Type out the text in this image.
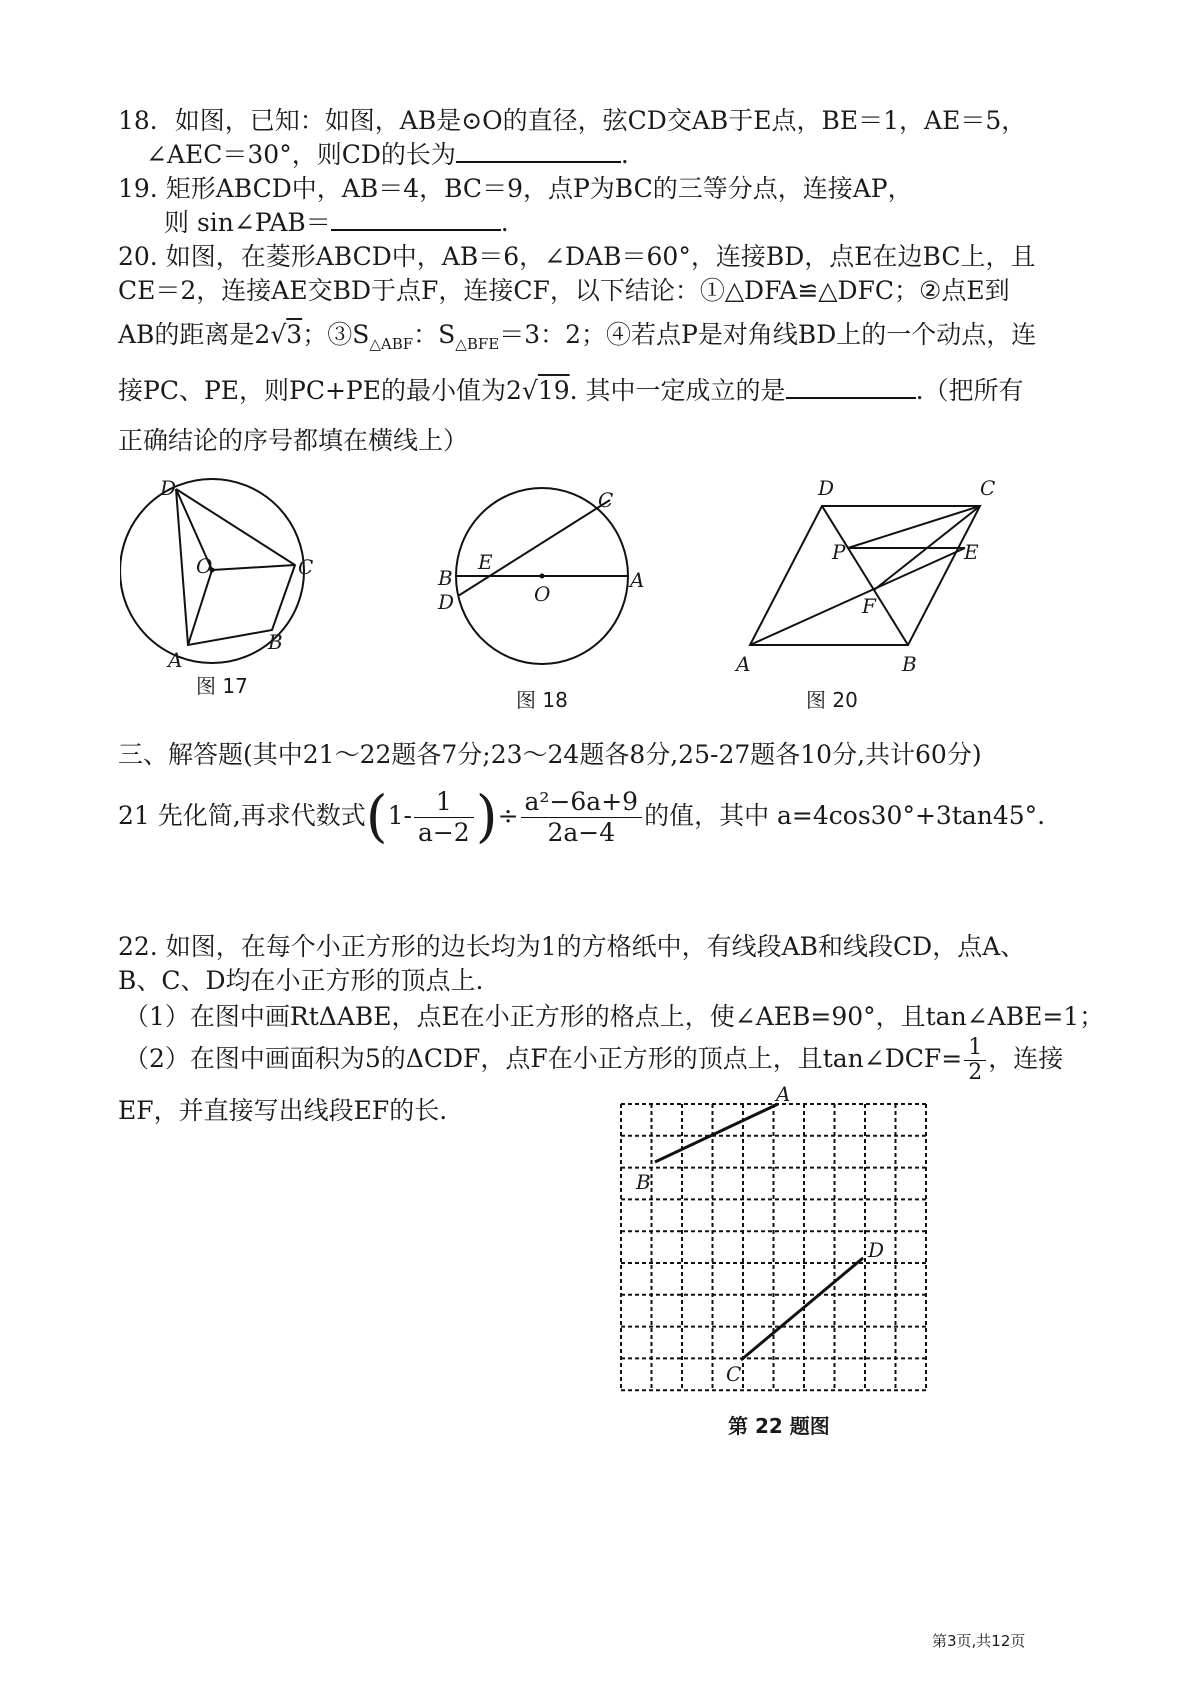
18．如图，已知：如图，AB是⊙O的直径，弦CD交AB于E点，BE＝1，AE＝5，
∠AEC＝30°，则CD的长为	.
19. 矩形ABCD中，AB＝4，BC＝9，点P为BC的三等分点，连接AP，
则 sin∠PAB＝	.
20. 如图，在菱形ABCD中，AB＝6，∠DAB＝60°，连接BD，点E在边BC上，且
CE＝2，连接AE交BD于点F，连接CF，以下结论：①△DFA≌△DFC；②点E到
AB的距离是2√3；$③S_{\triangle ABF}$：$S_{\triangle BFE}=3$：2；④若点P是对角线BD上的一个动点，连
接PC、PE，则PC+PE的最小值为2√19. 其中一定成立的是	.（把所有
正确结论的序号都填在横线上）
D
O	C
A
B
图 17
C
E
B
D	O
A
图 18
D	C
P	E
F
A	B
图 20
三、解答题(其中21～22题各7分;23～24题各8分,25-27题各10分,共计60分)
21 先化简,再求代数式($1- \frac{1}{a-2}$ )÷ $\frac{\text{a²−6a+9}}{2a-4}$ 的值，其中 a=4cos30°+3tan45°.
22. 如图，在每个小正方形的边长均为1的方格纸中，有线段AB和线段CD，点A、
B、C、D均在小正方形的顶点上.
（1）在图中画RtΔABE，点E在小正方形的格点上，使∠AEB=90°，且tan∠ABE=1；
（2）在图中画面积为5的ΔCDF，点F在小正方形的顶点上，且tan∠DCF= $\frac{1}{2}$ ，连接
EF，并直接写出线段EF的长.
A
B
C
D
第 22 题图
第3页,共12页
